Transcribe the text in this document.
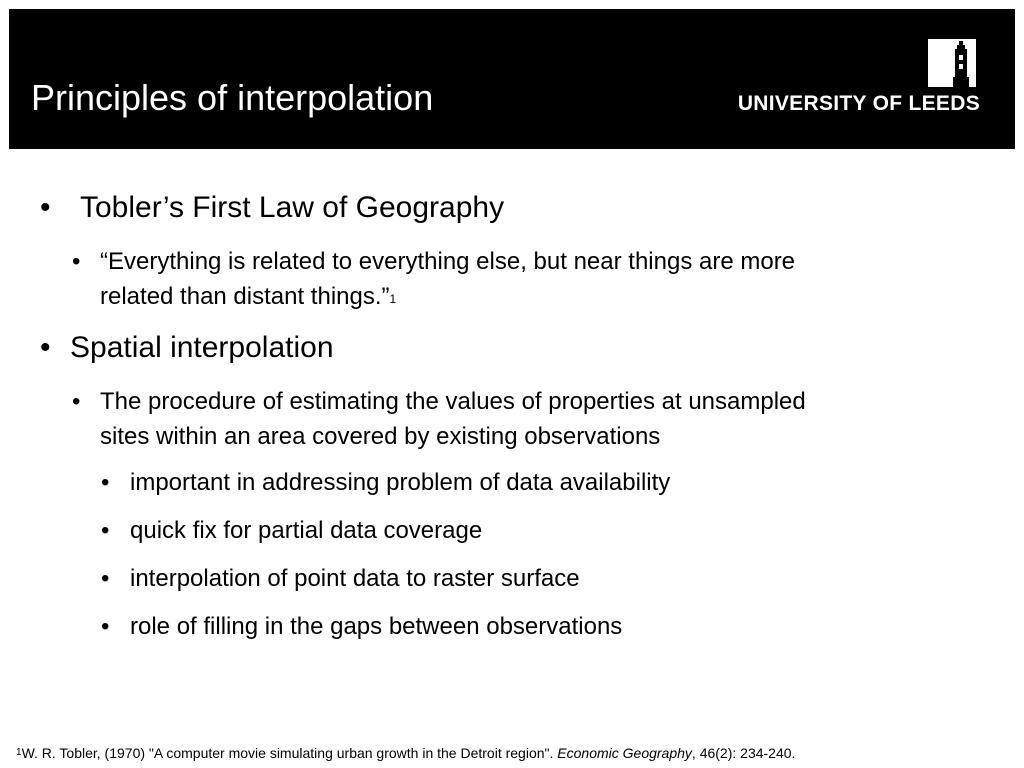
Principles of interpolation	UNIVERSITY OF LEEDS
• Tobler’s First Law of Geography
• “Everything is related to everything else, but near things are more
related than distant things.”$^1$
• Spatial interpolation
• The procedure of estimating the values of properties at unsampled
sites within an area covered by existing observations
• important in addressing problem of data availability
• quick fix for partial data coverage
• interpolation of point data to raster surface
• role of filling in the gaps between observations
$^1$W. R. Tobler, (1970) "A computer movie simulating urban growth in the Detroit region". Economic Geography, 46(2): 234-240.
